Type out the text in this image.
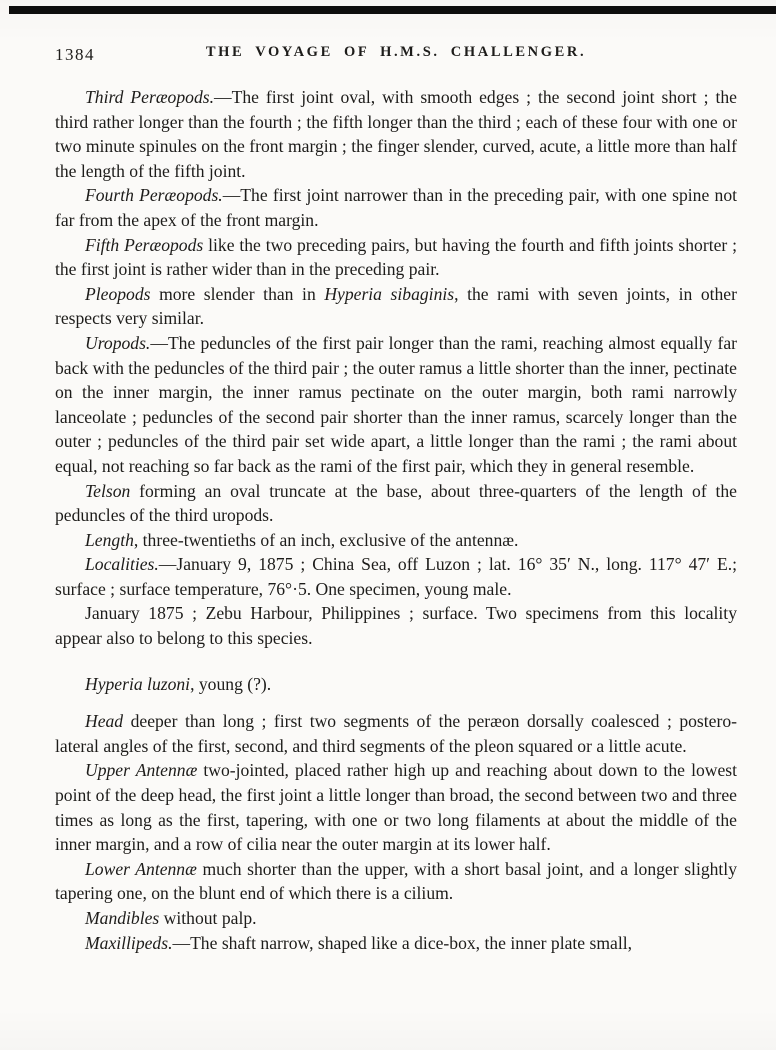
1384	THE VOYAGE OF H.M.S. CHALLENGER.

Third Peræopods.—The first joint oval, with smooth edges ; the second joint short ; the third rather longer than the fourth ; the fifth longer than the third ; each of these four with one or two minute spinules on the front margin ; the finger slender, curved, acute, a little more than half the length of the fifth joint.

Fourth Peræopods.—The first joint narrower than in the preceding pair, with one spine not far from the apex of the front margin.

Fifth Peræopods like the two preceding pairs, but having the fourth and fifth joints shorter ; the first joint is rather wider than in the preceding pair.

Pleopods more slender than in Hyperia sibaginis, the rami with seven joints, in other respects very similar.

Uropods.—The peduncles of the first pair longer than the rami, reaching almost equally far back with the peduncles of the third pair ; the outer ramus a little shorter than the inner, pectinate on the inner margin, the inner ramus pectinate on the outer margin, both rami narrowly lanceolate ; peduncles of the second pair shorter than the inner ramus, scarcely longer than the outer ; peduncles of the third pair set wide apart, a little longer than the rami ; the rami about equal, not reaching so far back as the rami of the first pair, which they in general resemble.

Telson forming an oval truncate at the base, about three-quarters of the length of the peduncles of the third uropods.

Length, three-twentieths of an inch, exclusive of the antennæ.

Localities.—January 9, 1875 ; China Sea, off Luzon ; lat. 16° 35′ N., long. 117° 47′ E.; surface ; surface temperature, 76°·5. One specimen, young male.

January 1875 ; Zebu Harbour, Philippines ; surface. Two specimens from this locality appear also to belong to this species.

Hyperia luzoni, young (?).

Head deeper than long ; first two segments of the peræon dorsally coalesced ; postero-lateral angles of the first, second, and third segments of the pleon squared or a little acute.

Upper Antennæ two-jointed, placed rather high up and reaching about down to the lowest point of the deep head, the first joint a little longer than broad, the second between two and three times as long as the first, tapering, with one or two long filaments at about the middle of the inner margin, and a row of cilia near the outer margin at its lower half.

Lower Antennæ much shorter than the upper, with a short basal joint, and a longer slightly tapering one, on the blunt end of which there is a cilium.

Mandibles without palp.

Maxillipeds.—The shaft narrow, shaped like a dice-box, the inner plate small,
